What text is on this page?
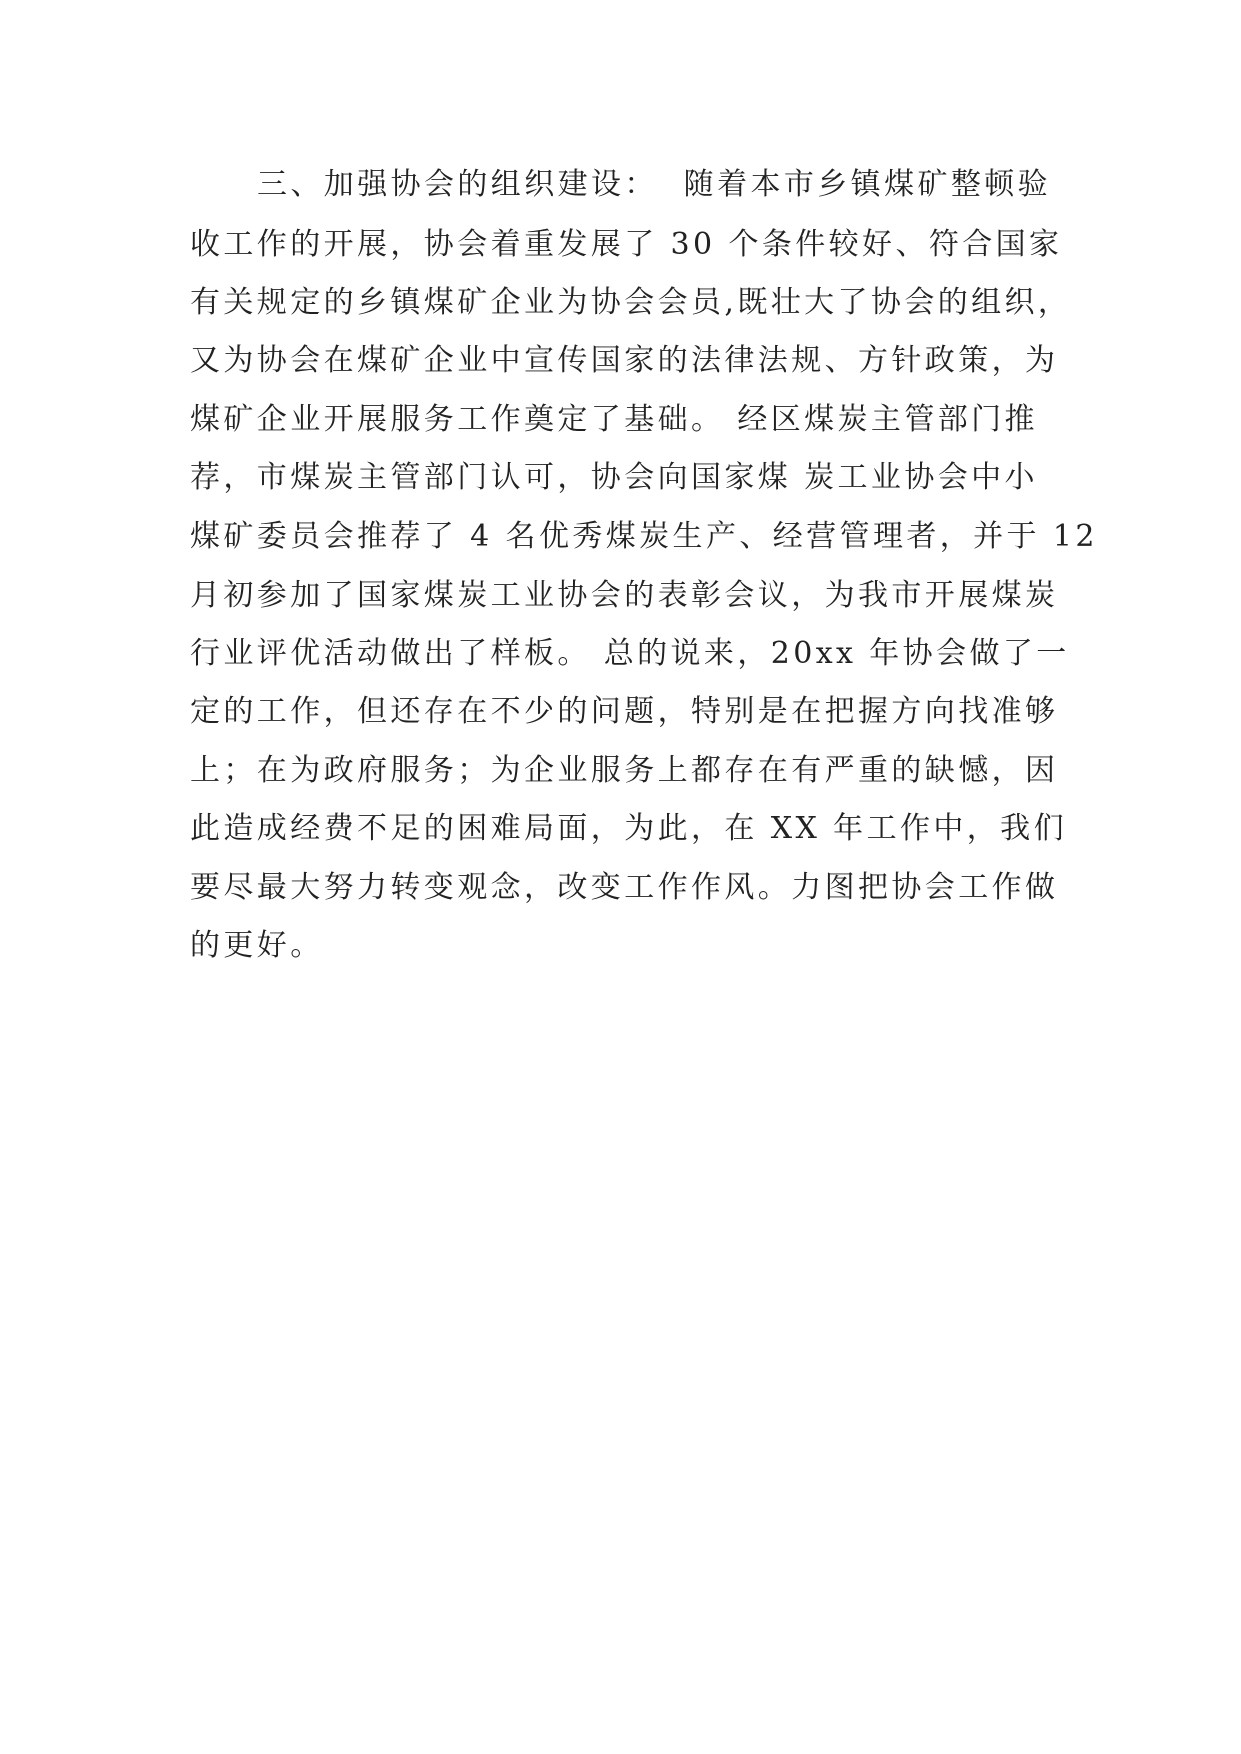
三、加强协会的组织建设：  随着本市乡镇煤矿整顿验
收工作的开展，协会着重发展了 30 个条件较好、符合国家
有关规定的乡镇煤矿企业为协会会员,既壮大了协会的组织，
又为协会在煤矿企业中宣传国家的法律法规、方针政策，为
煤矿企业开展服务工作奠定了基础。 经区煤炭主管部门推
荐，市煤炭主管部门认可，协会向国家煤 炭工业协会中小
煤矿委员会推荐了 4 名优秀煤炭生产、经营管理者，并于 12
月初参加了国家煤炭工业协会的表彰会议，为我市开展煤炭
行业评优活动做出了样板。 总的说来，20xx 年协会做了一
定的工作，但还存在不少的问题，特别是在把握方向找准够
上；在为政府服务；为企业服务上都存在有严重的缺憾，因
此造成经费不足的困难局面，为此，在 XX 年工作中，我们
要尽最大努力转变观念，改变工作作风。力图把协会工作做
的更好。
